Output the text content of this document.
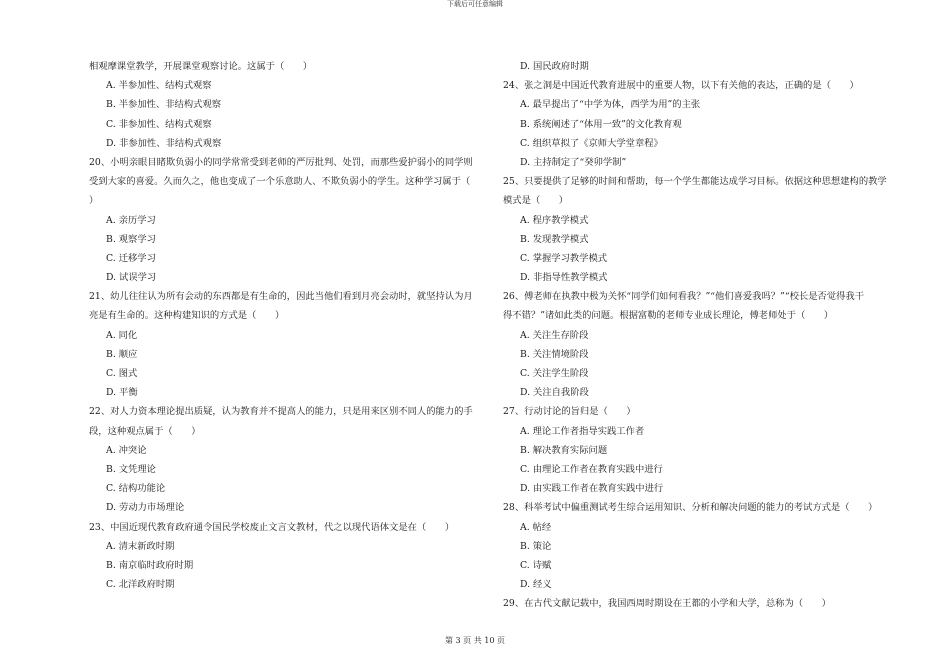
下载后可任意编辑
相观摩课堂教学，开展课堂观察讨论。这属于（　　）
A. 半参加性、结构式观察
B. 半参加性、非结构式观察
C. 非参加性、结构式观察
D. 非参加性、非结构式观察
20、小明亲眼目睹欺负弱小的同学常常受到老师的严厉批判、处罚，而那些爱护弱小的同学则
受到大家的喜爱。久而久之，他也变成了一个乐意助人、不欺负弱小的学生。这种学习属于（
）
A. 亲历学习
B. 观察学习
C. 迁移学习
D. 试误学习
21、幼儿往往认为所有会动的东西都是有生命的，因此当他们看到月亮会动时，就坚持认为月
亮是有生命的。这种构建知识的方式是（　　）
A. 同化
B. 顺应
C. 图式
D. 平衡
22、对人力资本理论提出质疑，认为教育并不提高人的能力，只是用来区别不同人的能力的手
段，这种观点属于（　　）
A. 冲突论
B. 文凭理论
C. 结构功能论
D. 劳动力市场理论
23、中国近现代教育政府通令国民学校废止文言文教材，代之以现代语体文是在（　　）
A. 清末新政时期
B. 南京临时政府时期
C. 北洋政府时期
D. 国民政府时期
24、张之洞是中国近代教育进展中的重要人物，以下有关他的表达，正确的是（　　）
A. 最早提出了“中学为体，西学为用”的主张
B. 系统阐述了“体用一致”的文化教育观
C. 组织草拟了《京师大学堂章程》
D. 主持制定了“癸卯学制”
25、只要提供了足够的时间和帮助，每一个学生都能达成学习目标。依据这种思想建构的教学
模式是（　　）
A. 程序教学模式
B. 发现教学模式
C. 掌握学习教学模式
D. 非指导性教学模式
26、傅老师在执教中极为关怀“同学们如何看我？”“他们喜爱我吗？”“校长是否觉得我干
得不错？”诸如此类的问题。根据富勒的老师专业成长理论，傅老师处于（　　）
A. 关注生存阶段
B. 关注情境阶段
C. 关注学生阶段
D. 关注自我阶段
27、行动讨论的旨归是（　　）
A. 理论工作者指导实践工作者
B. 解决教育实际问题
C. 由理论工作者在教育实践中进行
D. 由实践工作者在教育实践中进行
28、科举考试中偏重测试考生综合运用知识、分析和解决问题的能力的考试方式是（　　）
A. 帖经
B. 策论
C. 诗赋
D. 经义
29、在古代文献记载中，我国西周时期设在王都的小学和大学，总称为（　　）
第 3 页 共 10 页
